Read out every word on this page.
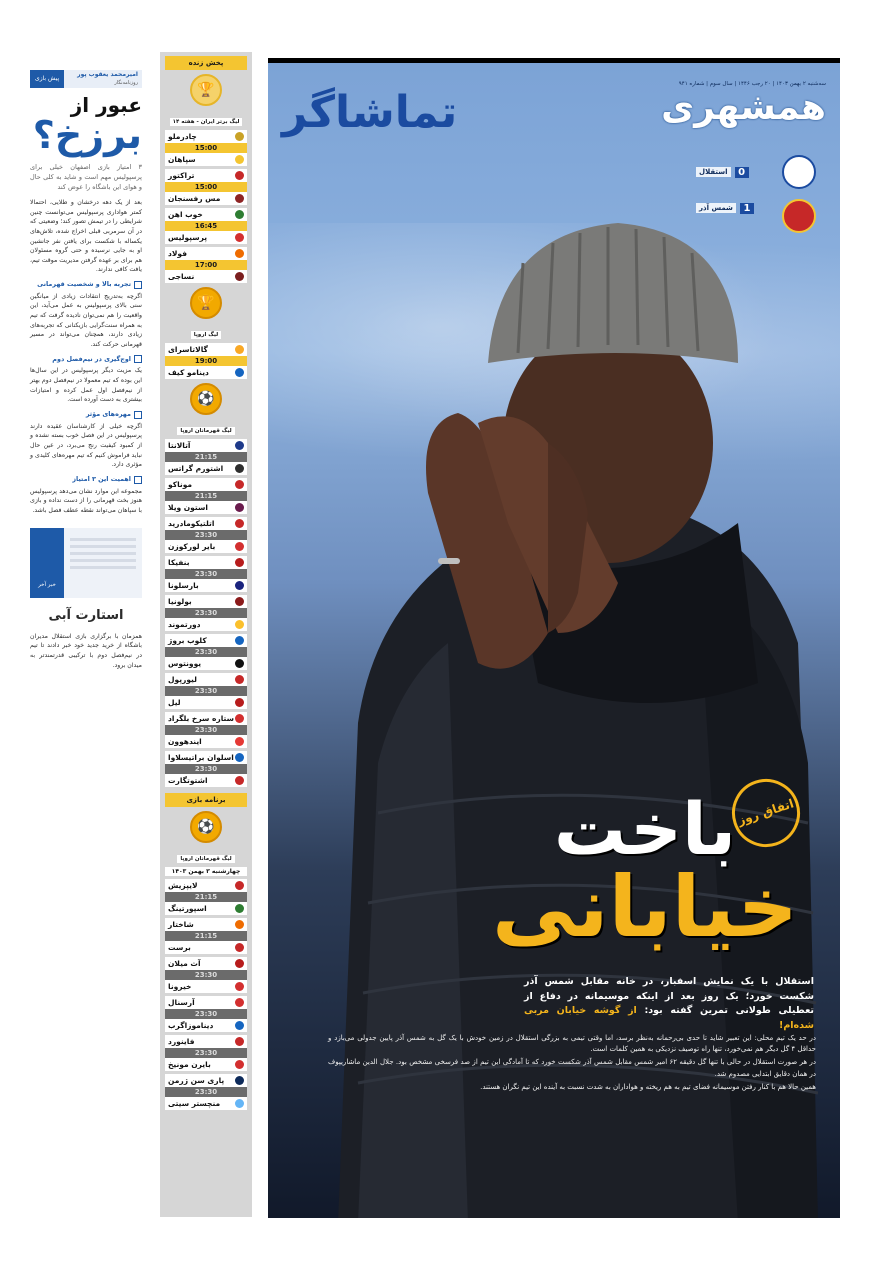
امیرمحمد یعقوب پور
روزنامه‌نگار
پیش بازی
عبور از
برزخ؟
۳ امتیاز بازی اصفهان خیلی برای پرسپولیس مهم است و شاید به کلی حال و هوای این باشگاه را عوض کند
بعد از یک دهه درخشان و طلایی، احتمالا کمتر هواداری پرسپولیس می‌توانست چنین شرایطی را در تیمش تصور کند؛ وضعیتی که در آن سرمربی قبلی اخراج شده، تلاش‌های یکساله با شکست برای یافتن نفر جانشین او به جایی نرسیده و حتی گروه مسئولان هم برای بر عهده گرفتن مدیریت موقت تیم، یافت کافی ندارند.
تجربه بالا و شخصیت قهرمانی
اگرچه به‌تدریج انتقادات زیادی از میانگین سنی بالای پرسپولیس به عمل می‌آید، این واقعیت را هم نمی‌توان نادیده گرفت که تیم به همراه سنت‌گرایی بازیکنانی که تجربه‌های زیادی دارند، همچنان می‌تواند در مسیر قهرمانی حرکت کند.
اوج‌گیری در نیم‌فصل دوم
یک مزیت دیگر پرسپولیس در این سال‌ها این بوده که تیم معمولا در نیم‌فصل دوم بهتر از نیم‌فصل اول عمل کرده و امتیازات بیشتری به دست آورده است.
مهره‌های مؤثر
اگرچه خیلی از کارشناسان عقیده دارند پرسپولیس در این فصل خوب بسته نشده و از کمبود کیفیت رنج می‌برد، در عین حال نباید فراموش کنیم که تیم مهره‌های کلیدی و مؤثری دارد.
اهمیت این ۳ امتیاز
مجموعه این موارد نشان می‌دهد پرسپولیس هنوز بخت قهرمانی را از دست نداده و بازی با سپاهان می‌تواند نقطه عطف فصل باشد.
خبر آخر
استارت آبی
همزمان با برگزاری بازی استقلال مدیران باشگاه از خرید جدید خود خبر دادند تا تیم در نیم‌فصل دوم با ترکیبی قدرتمندتر به میدان برود.
پخش زنده
🏆
لیگ برتر ایران - هفته ۱۴
چادرملو
15:00
سپاهان
تراکتور
15:00
مس رفسنجان
خوب اهن
16:45
پرسپولیس
فولاد
17:00
نساجی
🏆
لیگ اروپا
گالاتاسرای
19:00
دینامو کیف
⚽
لیگ قهرمانان اروپا
آتالانتا
21:15
اشتورم گراتس
موناکو
21:15
استون ویلا
اتلتیکومادرید
23:30
بایر لورکوزن
بنفیکا
23:30
بارسلونا
بولونیا
23:30
دورتموند
کلوب بروژ
23:30
یوونتوس
لیورپول
23:30
لیل
ستاره سرخ بلگراد
23:30
ایندهوون
اسلوان براتیسلاوا
23:30
اشتوتگارت
برنامه بازی
⚽
لیگ قهرمانان اروپا
چهارشنبه ۳ بهمن ۱۴۰۳
لایپزیش
21:15
اسپورتینگ
شاختار
21:15
برست
آث میلان
23:30
خیرونا
آرسنال
23:30
دیناموزاگرب
فاینورد
23:30
بایرن مونیخ
پاری سن ژرمن
23:30
منچستر سیتی
سه‌شنبه ۲ بهمن ۱۴۰۳ | ۲۰ رجب ۱۴۴۶ | سال سوم | شماره ۹۴۱
همشهری
تماشاگر
0
استقلال
1
شمس آذر
اتفاق روز
باخت
خیابانی
استقلال با یک نمایش اسفبار، در خانه مقابل شمس آذر شکست خورد؛ یک روز بعد از اینکه موسیمانه در دفاع از تعطیلی طولانی تمرین گفته بود: از گوشه خیابان مربی شده‌ام!

در حد یک تیم محلی: این تعبیر شاید تا حدی بی‌رحمانه به‌نظر برسد، اما وقتی تیمی به بزرگی استقلال در زمین خودش با یک گل به شمس آذر پایین جدولی می‌بازد و حداقل ۴ گل دیگر هم نمی‌خورد، تنها راه توصیف نزدیکی به همین کلمات است.

در هر صورت استقلال در حالی با تنها گل دقیقه ۶۲ امیر شمس مقابل شمس آذر شکست خورد که تا آمادگی این تیم از صد فرسخی مشخص بود. جلال الدین ماشاریپوف در همان دقایق ابتدایی مصدوم شد.

همین حالا هم با کنار رفتن موسیمانه فضای تیم به هم ریخته و هواداران به شدت نسبت به آینده این تیم نگران هستند.
